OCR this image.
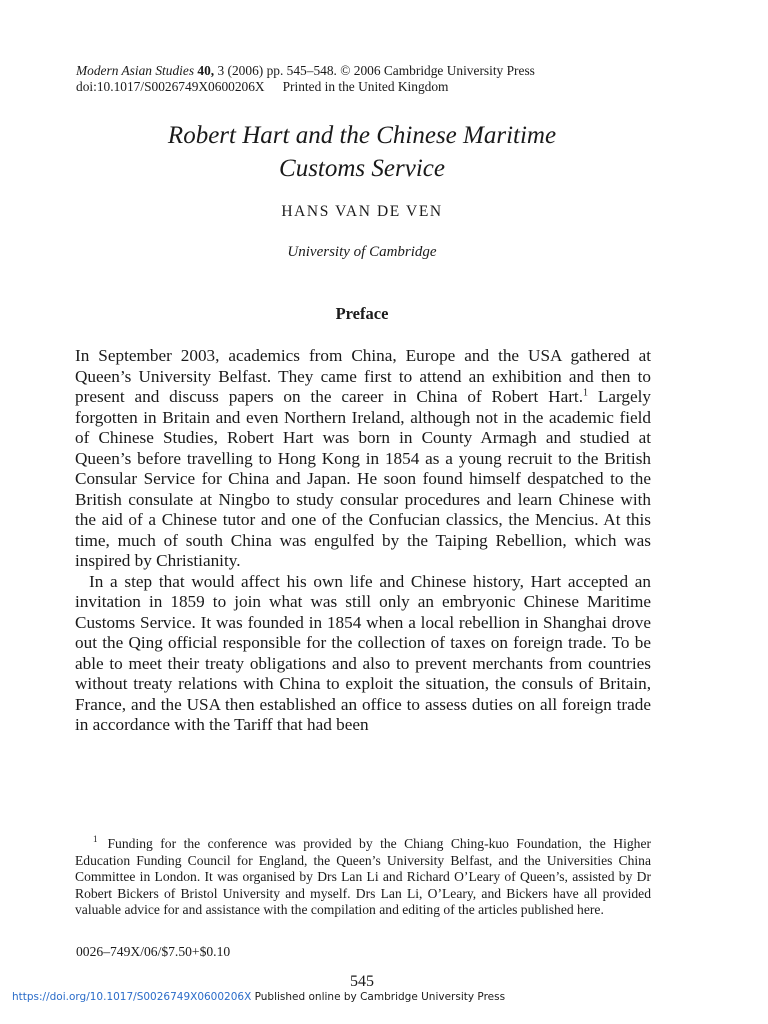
Modern Asian Studies 40, 3 (2006) pp. 545–548. © 2006 Cambridge University Press
doi:10.1017/S0026749X0600206X Printed in the United Kingdom
Robert Hart and the Chinese Maritime
Customs Service
HANS VAN DE VEN
University of Cambridge
Preface

In September 2003, academics from China, Europe and the USA gathered at Queen’s University Belfast. They came first to attend an exhibition and then to present and discuss papers on the career in China of Robert Hart.$^1$ Largely forgotten in Britain and even Northern Ireland, although not in the academic field of Chinese Studies, Robert Hart was born in County Armagh and studied at Queen’s before travelling to Hong Kong in 1854 as a young recruit to the British Consular Service for China and Japan. He soon found himself despatched to the British consulate at Ningbo to study consular procedures and learn Chinese with the aid of a Chinese tutor and one of the Confucian classics, the Mencius. At this time, much of south China was engulfed by the Taiping Rebellion, which was inspired by Christianity.

In a step that would affect his own life and Chinese history, Hart accepted an invitation in 1859 to join what was still only an embryonic Chinese Maritime Customs Service. It was founded in 1854 when a local rebellion in Shanghai drove out the Qing official responsible for the collection of taxes on foreign trade. To be able to meet their treaty obligations and also to prevent merchants from countries without treaty relations with China to exploit the situation, the consuls of Britain, France, and the USA then established an office to assess duties on all foreign trade in accordance with the Tariff that had been

$^1$ Funding for the conference was provided by the Chiang Ching-kuo Foundation, the Higher Education Funding Council for England, the Queen’s University Belfast, and the Universities China Committee in London. It was organised by Drs Lan Li and Richard O’Leary of Queen’s, assisted by Dr Robert Bickers of Bristol University and myself. Drs Lan Li, O’Leary, and Bickers have all provided valuable advice for and assistance with the compilation and editing of the articles published here.
0026–749X/06/$7.50+$0.10
545
https://doi.org/10.1017/S0026749X0600206X Published online by Cambridge University Press
